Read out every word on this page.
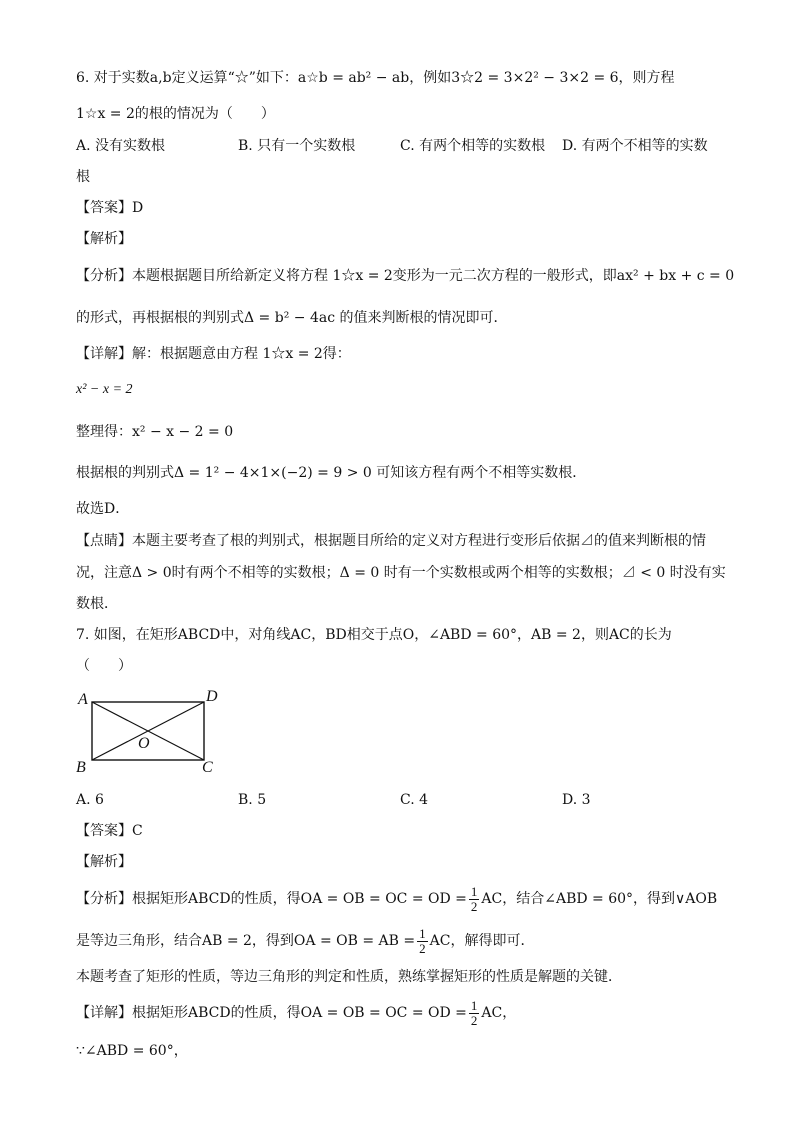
6. 对于实数a,b定义运算“☆”如下：a☆b = ab² − ab，例如3☆2 = 3×2² − 3×2 = 6，则方程
1☆x = 2的根的情况为（　　）
A. 没有实数根	B. 只有一个实数根	C. 有两个相等的实数根 D. 有两个不相等的实数
根
【答案】D
【解析】
【分析】本题根据题目所给新定义将方程 1☆x = 2变形为一元二次方程的一般形式，即ax² + bx + c = 0
的形式，再根据根的判别式Δ = b² − 4ac 的值来判断根的情况即可．
【详解】解：根据题意由方程 1☆x = 2得：
x² − x = 2
整理得：x² − x − 2 = 0
根据根的判别式Δ = 1² − 4×1×(−2) = 9 > 0 可知该方程有两个不相等实数根．
故选D．
【点睛】本题主要考查了根的判别式，根据题目所给的定义对方程进行变形后依据⊿的值来判断根的情
况，注意Δ > 0时有两个不相等的实数根；Δ = 0 时有一个实数根或两个相等的实数根；⊿ < 0 时没有实
数根．
7. 如图，在矩形ABCD中，对角线AC，BD相交于点O，∠ABD = 60°，AB = 2，则AC的长为
（　　）
A	D
B	C
O
A. 6	B. 5	C. 4	D. 3
【答案】C
【解析】
【分析】根据矩形ABCD的性质，得OA = OB = OC = OD = $\frac{1}{2}$ AC，结合∠ABD = 60°，得到∨AOB
是等边三角形，结合AB = 2，得到OA = OB = AB = $\frac{1}{2}$ AC，解得即可．
本题考查了矩形的性质，等边三角形的判定和性质，熟练掌握矩形的性质是解题的关键．
【详解】根据矩形ABCD的性质，得OA = OB = OC = OD = $\frac{1}{2}$ AC，
∵∠ABD = 60°，
